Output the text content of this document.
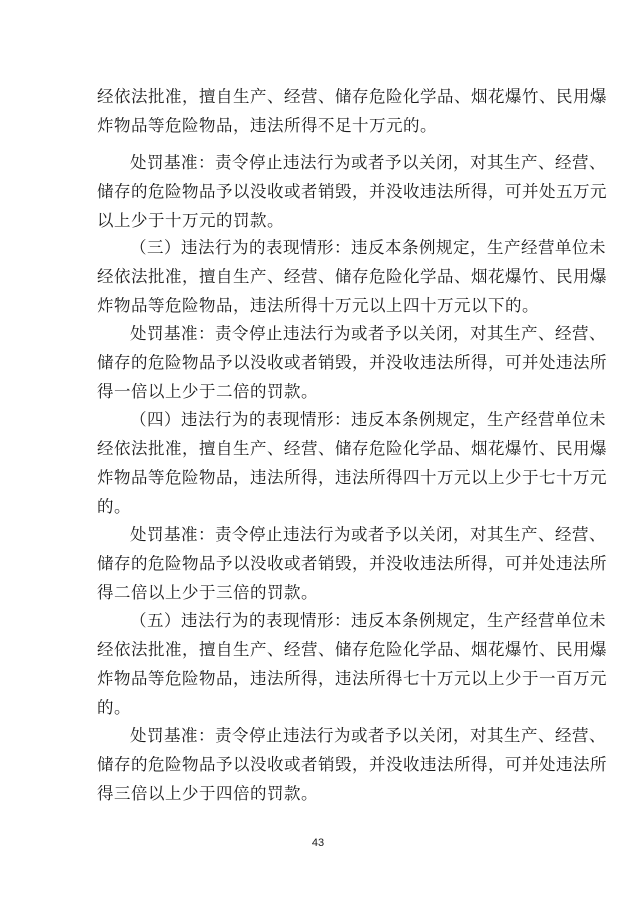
经依法批准，擅自生产、经营、储存危险化学品、烟花爆竹、民用爆
炸物品等危险物品，违法所得不足十万元的。
处罚基准：责令停止违法行为或者予以关闭，对其生产、经营、
储存的危险物品予以没收或者销毁，并没收违法所得，可并处五万元
以上少于十万元的罚款。
（三）违法行为的表现情形：违反本条例规定，生产经营单位未
经依法批准，擅自生产、经营、储存危险化学品、烟花爆竹、民用爆
炸物品等危险物品，违法所得十万元以上四十万元以下的。
处罚基准：责令停止违法行为或者予以关闭，对其生产、经营、
储存的危险物品予以没收或者销毁，并没收违法所得，可并处违法所
得一倍以上少于二倍的罚款。
（四）违法行为的表现情形：违反本条例规定，生产经营单位未
经依法批准，擅自生产、经营、储存危险化学品、烟花爆竹、民用爆
炸物品等危险物品，违法所得，违法所得四十万元以上少于七十万元
的。
处罚基准：责令停止违法行为或者予以关闭，对其生产、经营、
储存的危险物品予以没收或者销毁，并没收违法所得，可并处违法所
得二倍以上少于三倍的罚款。
（五）违法行为的表现情形：违反本条例规定，生产经营单位未
经依法批准，擅自生产、经营、储存危险化学品、烟花爆竹、民用爆
炸物品等危险物品，违法所得，违法所得七十万元以上少于一百万元
的。
处罚基准：责令停止违法行为或者予以关闭，对其生产、经营、
储存的危险物品予以没收或者销毁，并没收违法所得，可并处违法所
得三倍以上少于四倍的罚款。
43
